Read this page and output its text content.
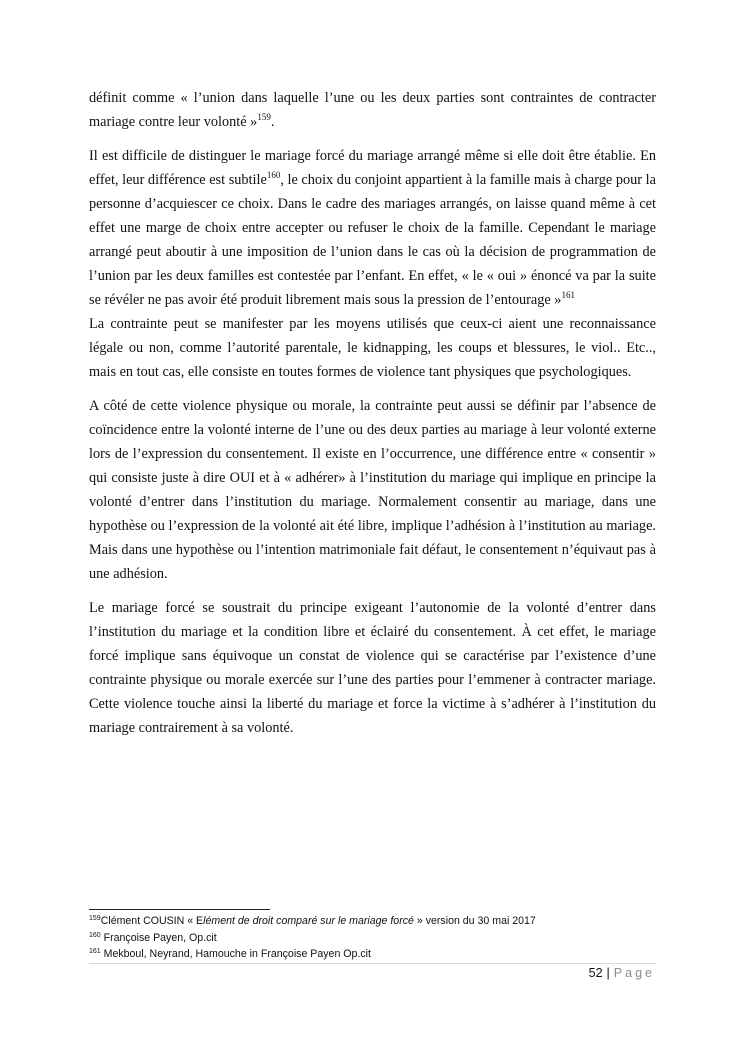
définit comme « l’union dans laquelle l’une ou les deux parties sont contraintes de contracter mariage contre leur volonté »$^{159}$.

Il est difficile de distinguer le mariage forcé du mariage arrangé même si elle doit être établie. En effet, leur différence est subtile$^{160}$, le choix du conjoint appartient à la famille mais à charge pour la personne d’acquiescer ce choix. Dans le cadre des mariages arrangés, on laisse quand même à cet effet une marge de choix entre accepter ou refuser le choix de la famille. Cependant le mariage arrangé peut aboutir à une imposition de l’union dans le cas où la décision de programmation de l’union par les deux familles est contestée par l’enfant. En effet, « le « oui » énoncé va par la suite se révéler ne pas avoir été produit librement mais sous la pression de l’entourage »$^{161}$

La contrainte peut se manifester par les moyens utilisés que ceux-ci aient une reconnaissance légale ou non, comme l’autorité parentale, le kidnapping, les coups et blessures, le viol.. Etc.., mais en tout cas, elle consiste en toutes formes de violence tant physiques que psychologiques.

A côté de cette violence physique ou morale, la contrainte peut aussi se définir par l’absence de coïncidence entre la volonté interne de l’une ou des deux parties au mariage à leur volonté externe lors de l’expression du consentement. Il existe en l’occurrence, une différence entre « consentir » qui consiste juste à dire OUI et à « adhérer» à l’institution du mariage qui implique en principe la volonté d’entrer dans l’institution du mariage. Normalement consentir au mariage, dans une hypothèse ou l’expression de la volonté ait été libre, implique l’adhésion à l’institution au mariage. Mais dans une hypothèse ou l’intention matrimoniale fait défaut, le consentement n’équivaut pas à une adhésion.

Le mariage forcé se soustrait du principe exigeant l’autonomie de la volonté d’entrer dans l’institution du mariage et la condition libre et éclairé du consentement. À cet effet, le mariage forcé implique sans équivoque un constat de violence qui se caractérise par l’existence d’une contrainte physique ou morale exercée sur l’une des parties pour l’emmener à contracter mariage. Cette violence touche ainsi la liberté du mariage et force la victime à s’adhérer à l’institution du mariage contrairement à sa volonté.

$^{159}$Clément COUSIN « Elément de droit comparé sur le mariage forcé » version du 30 mai 2017
$^{160}$ Françoise Payen, Op.cit
$^{161}$ Mekboul, Neyrand, Hamouche in Françoise Payen Op.cit
52 | Page
